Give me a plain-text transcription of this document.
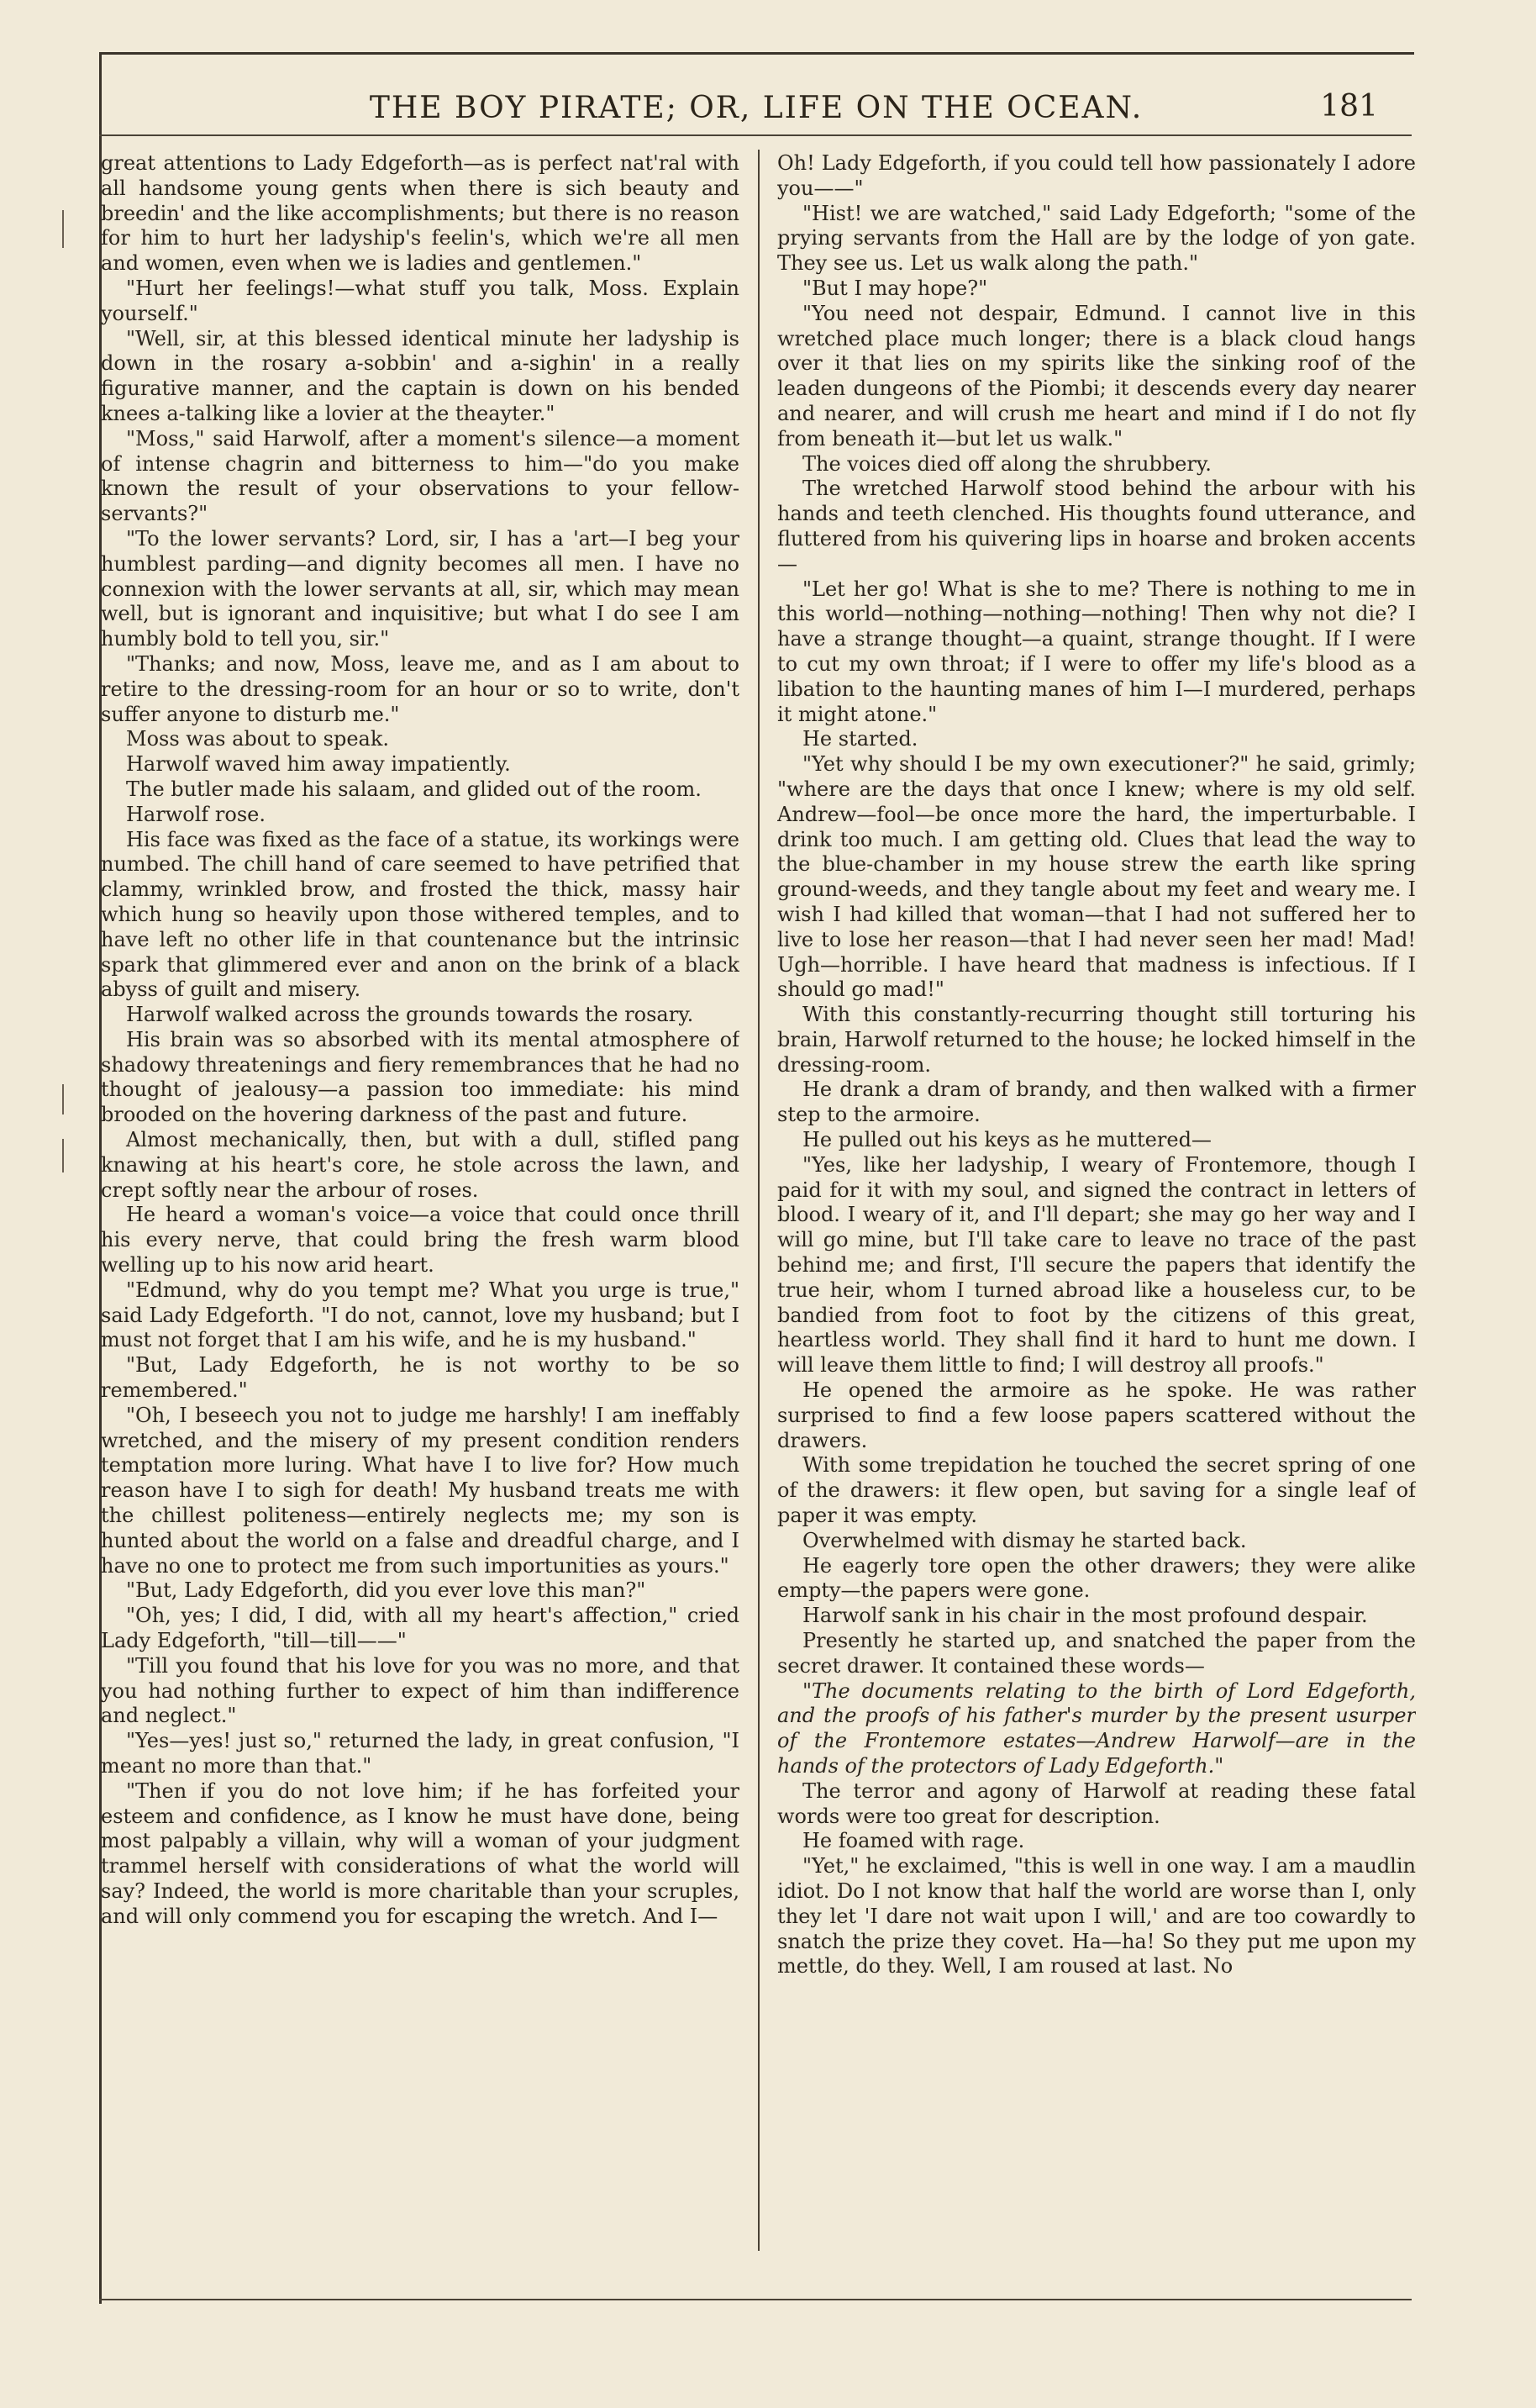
THE BOY PIRATE; OR, LIFE ON THE OCEAN.	181

great attentions to Lady Edgeforth—as is perfect nat'ral with all handsome young gents when there is sich beauty and breedin' and the like accomplishments; but there is no reason for him to hurt her ladyship's feelin's, which we're all men and women, even when we is ladies and gentlemen."

"Hurt her feelings!—what stuff you talk, Moss. Explain yourself."

"Well, sir, at this blessed identical minute her ladyship is down in the rosary a-sobbin' and a-sighin' in a really figurative manner, and the captain is down on his bended knees a-talking like a lovier at the theayter."

"Moss," said Harwolf, after a moment's silence—a moment of intense chagrin and bitterness to him—"do you make known the result of your observations to your fellow-servants?"

"To the lower servants? Lord, sir, I has a 'art—I beg your humblest parding—and dignity becomes all men. I have no connexion with the lower servants at all, sir, which may mean well, but is ignorant and inquisitive; but what I do see I am humbly bold to tell you, sir."

"Thanks; and now, Moss, leave me, and as I am about to retire to the dressing-room for an hour or so to write, don't suffer anyone to disturb me."

Moss was about to speak.

Harwolf waved him away impatiently.

The butler made his salaam, and glided out of the room.

Harwolf rose.

His face was fixed as the face of a statue, its workings were numbed. The chill hand of care seemed to have petrified that clammy, wrinkled brow, and frosted the thick, massy hair which hung so heavily upon those withered temples, and to have left no other life in that countenance but the intrinsic spark that glimmered ever and anon on the brink of a black abyss of guilt and misery.

Harwolf walked across the grounds towards the rosary.

His brain was so absorbed with its mental atmosphere of shadowy threatenings and fiery remembrances that he had no thought of jealousy—a passion too immediate: his mind brooded on the hovering darkness of the past and future.

Almost mechanically, then, but with a dull, stifled pang knawing at his heart's core, he stole across the lawn, and crept softly near the arbour of roses.

He heard a woman's voice—a voice that could once thrill his every nerve, that could bring the fresh warm blood welling up to his now arid heart.

"Edmund, why do you tempt me? What you urge is true," said Lady Edgeforth. "I do not, cannot, love my husband; but I must not forget that I am his wife, and he is my husband."

"But, Lady Edgeforth, he is not worthy to be so remembered."

"Oh, I beseech you not to judge me harshly! I am ineffably wretched, and the misery of my present condition renders temptation more luring. What have I to live for? How much reason have I to sigh for death! My husband treats me with the chillest politeness—entirely neglects me; my son is hunted about the world on a false and dreadful charge, and I have no one to protect me from such importunities as yours."

"But, Lady Edgeforth, did you ever love this man?"

"Oh, yes; I did, I did, with all my heart's affection," cried Lady Edgeforth, "till—till——"

"Till you found that his love for you was no more, and that you had nothing further to expect of him than indifference and neglect."

"Yes—yes! just so," returned the lady, in great confusion, "I meant no more than that."

"Then if you do not love him; if he has forfeited your esteem and confidence, as I know he must have done, being most palpably a villain, why will a woman of your judgment trammel herself with considerations of what the world will say? Indeed, the world is more charitable than your scruples, and will only commend you for escaping the wretch. And I—

Oh! Lady Edgeforth, if you could tell how passionately I adore you——"

"Hist! we are watched," said Lady Edgeforth; "some of the prying servants from the Hall are by the lodge of yon gate. They see us. Let us walk along the path."

"But I may hope?"

"You need not despair, Edmund. I cannot live in this wretched place much longer; there is a black cloud hangs over it that lies on my spirits like the sinking roof of the leaden dungeons of the Piombi; it descends every day nearer and nearer, and will crush me heart and mind if I do not fly from beneath it—but let us walk."

The voices died off along the shrubbery.

The wretched Harwolf stood behind the arbour with his hands and teeth clenched. His thoughts found utterance, and fluttered from his quivering lips in hoarse and broken accents—

"Let her go! What is she to me? There is nothing to me in this world—nothing—nothing—nothing! Then why not die? I have a strange thought—a quaint, strange thought. If I were to cut my own throat; if I were to offer my life's blood as a libation to the haunting manes of him I—I murdered, perhaps it might atone."

He started.

"Yet why should I be my own executioner?" he said, grimly; "where are the days that once I knew; where is my old self. Andrew—fool—be once more the hard, the imperturbable. I drink too much. I am getting old. Clues that lead the way to the blue-chamber in my house strew the earth like spring ground-weeds, and they tangle about my feet and weary me. I wish I had killed that woman—that I had not suffered her to live to lose her reason—that I had never seen her mad! Mad! Ugh—horrible. I have heard that madness is infectious. If I should go mad!"

With this constantly-recurring thought still torturing his brain, Harwolf returned to the house; he locked himself in the dressing-room.

He drank a dram of brandy, and then walked with a firmer step to the armoire.

He pulled out his keys as he muttered—

"Yes, like her ladyship, I weary of Frontemore, though I paid for it with my soul, and signed the contract in letters of blood. I weary of it, and I'll depart; she may go her way and I will go mine, but I'll take care to leave no trace of the past behind me; and first, I'll secure the papers that identify the true heir, whom I turned abroad like a houseless cur, to be bandied from foot to foot by the citizens of this great, heartless world. They shall find it hard to hunt me down. I will leave them little to find; I will destroy all proofs."

He opened the armoire as he spoke. He was rather surprised to find a few loose papers scattered without the drawers.

With some trepidation he touched the secret spring of one of the drawers: it flew open, but saving for a single leaf of paper it was empty.

Overwhelmed with dismay he started back.

He eagerly tore open the other drawers; they were alike empty—the papers were gone.

Harwolf sank in his chair in the most profound despair.

Presently he started up, and snatched the paper from the secret drawer. It contained these words—

"The documents relating to the birth of Lord Edgeforth, and the proofs of his father's murder by the present usurper of the Frontemore estates—Andrew Harwolf—are in the hands of the protectors of Lady Edgeforth."

The terror and agony of Harwolf at reading these fatal words were too great for description.

He foamed with rage.

"Yet," he exclaimed, "this is well in one way. I am a maudlin idiot. Do I not know that half the world are worse than I, only they let 'I dare not wait upon I will,' and are too cowardly to snatch the prize they covet. Ha—ha! So they put me upon my mettle, do they. Well, I am roused at last. No
